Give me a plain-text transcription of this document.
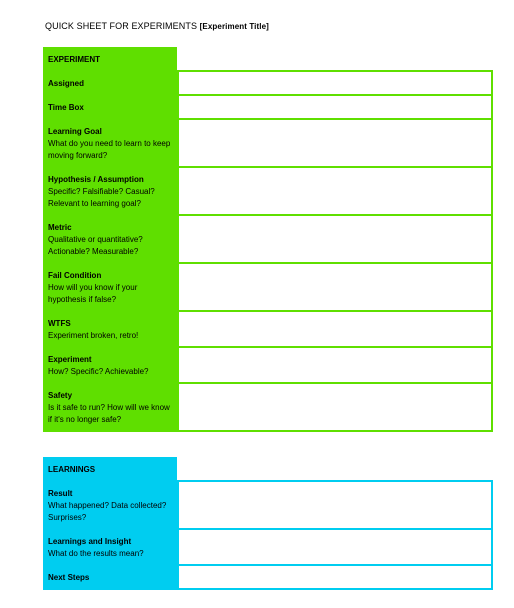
QUICK SHEET FOR EXPERIMENTS [Experiment Title]
EXPERIMENT
Assigned
Time Box
Learning Goal
What do you need to learn to keep moving forward?
Hypothesis / Assumption
Specific? Falsifiable? Casual? Relevant to learning goal?
Metric
Qualitative or quantitative? Actionable? Measurable?
Fail Condition
How will you know if your hypothesis if false?
WTFS
Experiment broken, retro!
Experiment
How? Specific? Achievable?
Safety
Is it safe to run? How will we know if it's no longer safe?
LEARNINGS
Result
What happened? Data collected? Surprises?
Learnings and Insight
What do the results mean?
Next Steps
